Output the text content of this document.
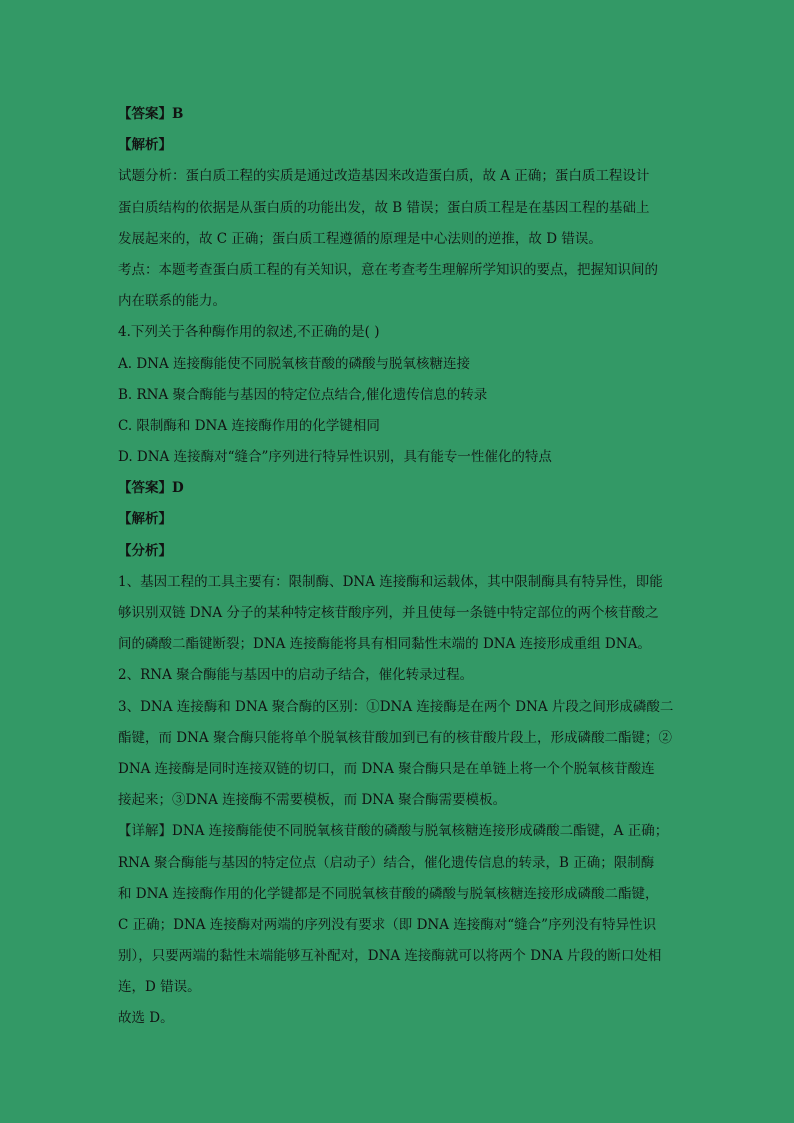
【答案】B
【解析】
试题分析：蛋白质工程的实质是通过改造基因来改造蛋白质，故 A 正确；蛋白质工程设计
蛋白质结构的依据是从蛋白质的功能出发，故 B 错误；蛋白质工程是在基因工程的基础上
发展起来的，故 C 正确；蛋白质工程遵循的原理是中心法则的逆推，故 D 错误。
考点：本题考查蛋白质工程的有关知识，意在考查考生理解所学知识的要点，把握知识间的
内在联系的能力。
4.下列关于各种酶作用的叙述,不正确的是( )
A. DNA 连接酶能使不同脱氧核苷酸的磷酸与脱氧核糖连接
B. RNA 聚合酶能与基因的特定位点结合,催化遗传信息的转录
C. 限制酶和 DNA 连接酶作用的化学键相同
D. DNA 连接酶对“缝合”序列进行特异性识别，具有能专一性催化的特点
【答案】D
【解析】
【分析】
1、基因工程的工具主要有：限制酶、DNA 连接酶和运载体，其中限制酶具有特异性，即能
够识别双链 DNA 分子的某种特定核苷酸序列，并且使每一条链中特定部位的两个核苷酸之
间的磷酸二酯键断裂；DNA 连接酶能将具有相同黏性末端的 DNA 连接形成重组 DNA。
2、RNA 聚合酶能与基因中的启动子结合，催化转录过程。
3、DNA 连接酶和 DNA 聚合酶的区别：①DNA 连接酶是在两个 DNA 片段之间形成磷酸二
酯键，而 DNA 聚合酶只能将单个脱氧核苷酸加到已有的核苷酸片段上，形成磷酸二酯键；②
DNA 连接酶是同时连接双链的切口，而 DNA 聚合酶只是在单链上将一个个脱氧核苷酸连
接起来；③DNA 连接酶不需要模板，而 DNA 聚合酶需要模板。
【详解】DNA 连接酶能使不同脱氧核苷酸的磷酸与脱氧核糖连接形成磷酸二酯键，A 正确；
RNA 聚合酶能与基因的特定位点（启动子）结合，催化遗传信息的转录，B 正确；限制酶
和 DNA 连接酶作用的化学键都是不同脱氧核苷酸的磷酸与脱氧核糖连接形成磷酸二酯键，
C 正确；DNA 连接酶对两端的序列没有要求（即 DNA 连接酶对“缝合”序列没有特异性识
别），只要两端的黏性末端能够互补配对，DNA 连接酶就可以将两个 DNA 片段的断口处相
连，D 错误。
故选 D。
